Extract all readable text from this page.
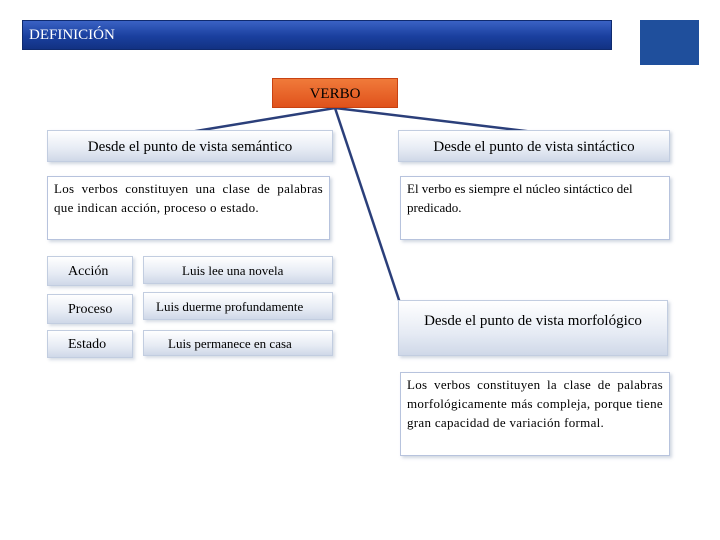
DEFINICIÓN
VERBO
Desde el punto de vista semántico
Los verbos constituyen una clase de palabras que indican acción, proceso o estado.
Acción	Luis lee una novela
Proceso	Luis duerme profundamente
Estado	Luis permanece en casa
Desde el punto de vista sintáctico
El verbo es siempre el núcleo sintáctico del predicado.
Desde el punto de vista morfológico
Los verbos constituyen la clase de palabras morfológicamente más compleja, porque tiene gran capacidad de variación formal.
